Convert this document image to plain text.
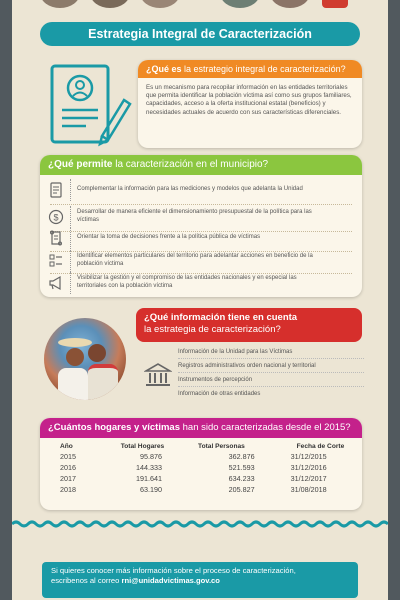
Estrategia Integral de Caracterización
¿Qué es la estrategio integral de caracterización?
Es un mecanismo para recopilar información en las entidades territoriales que permita identificar la población víctima así como sus grupos familiares, capacidades, acceso a la oferta institucional estatal (beneficios) y necesidades actuales de acuerdo con sus características diferenciales.
¿Qué permite la caracterización en el municipio?
Complementar la información para las mediciones y modelos que adelanta la Unidad
$
Desarrollar de manera eficiente el dimensionamiento presupuestal de la política para las víctimas
Orientar la toma de decisiones frente a la política pública de víctimas
Identificar elementos particulares del territorio para adelantar acciones en beneficio de la población víctima
Visibilizar la gestión y el compromiso de las entidades nacionales y en especial las territoriales con la población víctima
¿Qué información tiene en cuenta
la estrategia de caracterización?
Información de la Unidad para las Víctimas
Registros administrativos orden nacional y territorial
Instrumentos de percepción
Información de otras entidades
¿Cuántos hogares y víctimas han sido caracterizadas desde el 2015?
Año	Total Hogares	Total Personas	Fecha de Corte
2015	95.876	362.876	31/12/2015
2016	144.333	521.593	31/12/2016
2017	191.641	634.233	31/12/2017
2018	63.190	205.827	31/08/2018
Si quieres conocer más información sobre el proceso de caracterización,
escribenos al correo rni@unidadvictimas.gov.co
